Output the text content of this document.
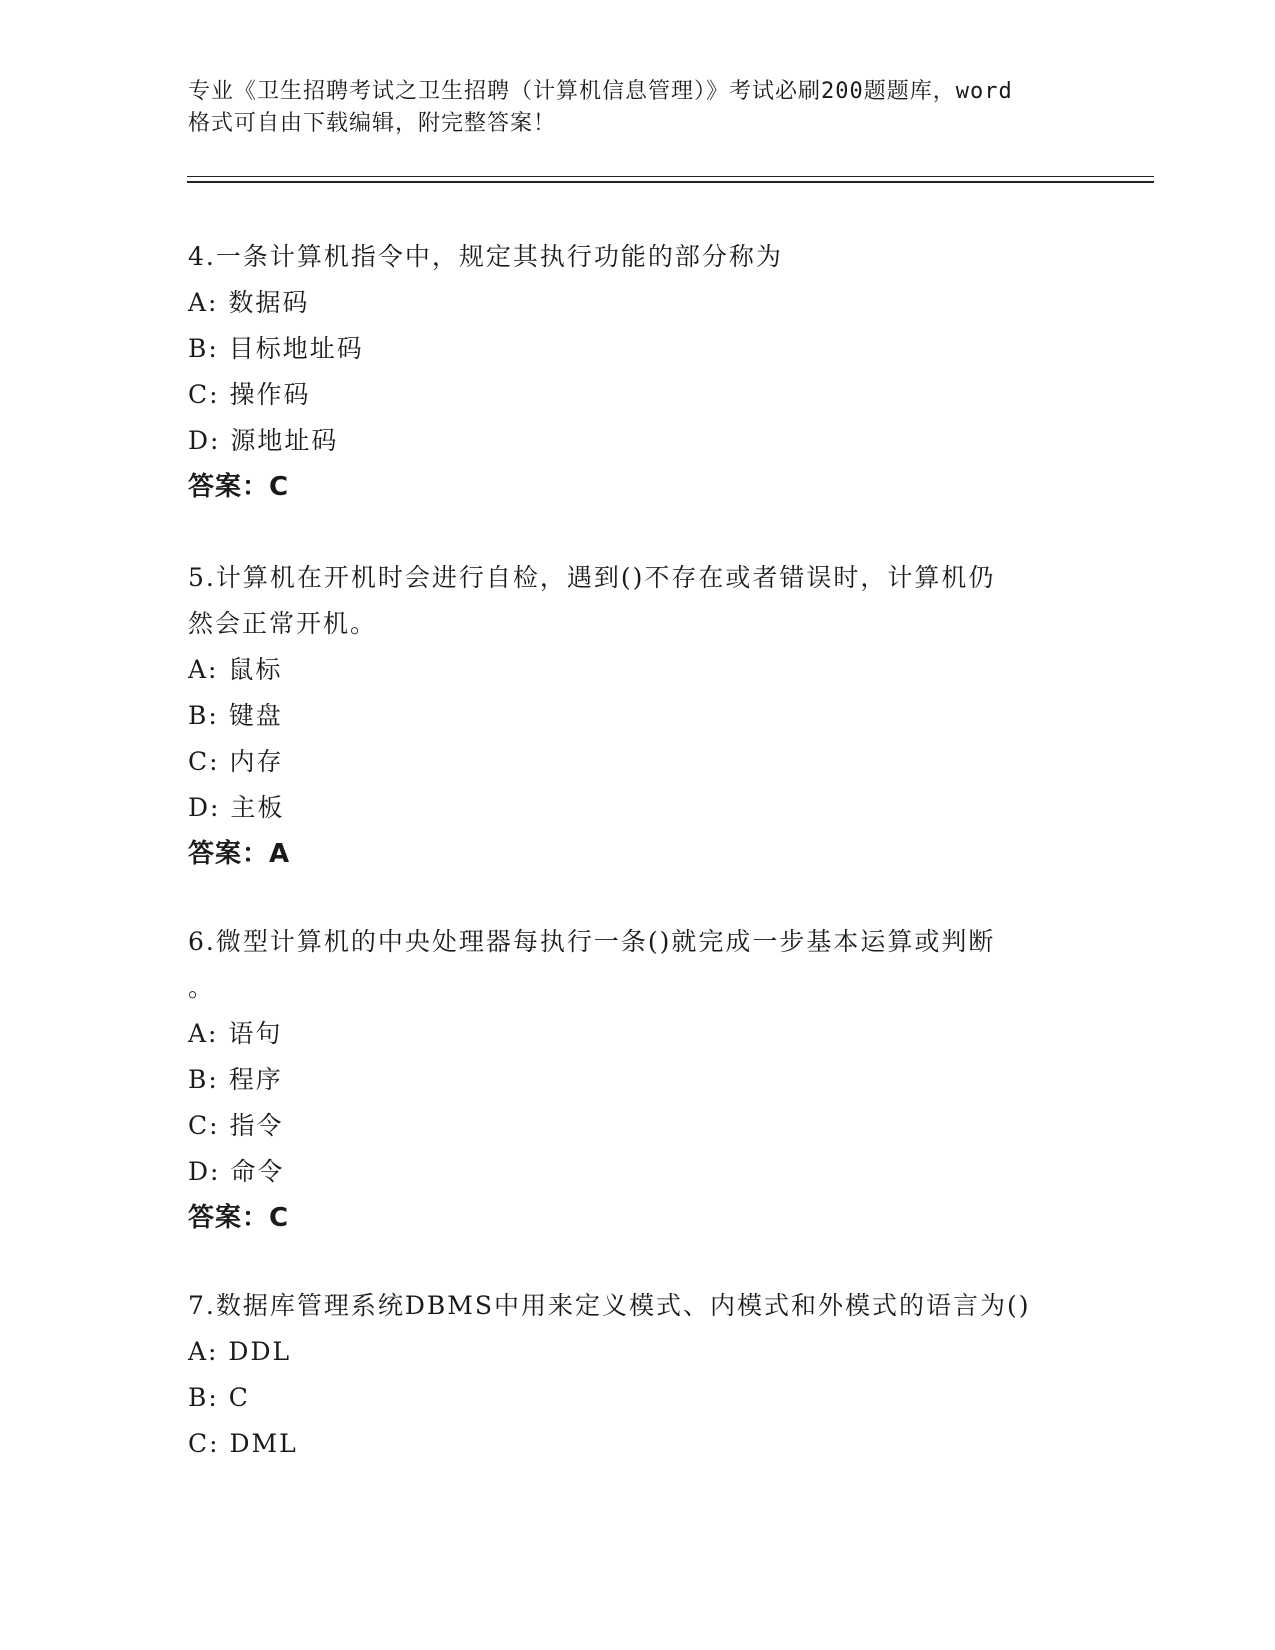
专业《卫生招聘考试之卫生招聘（计算机信息管理）》考试必刷200题题库，word
格式可自由下载编辑，附完整答案！

4.一条计算机指令中，规定其执行功能的部分称为

A: 数据码

B: 目标地址码

C: 操作码

D: 源地址码

答案：C

5.计算机在开机时会进行自检，遇到()不存在或者错误时，计算机仍

然会正常开机。

A: 鼠标

B: 键盘

C: 内存

D: 主板

答案：A

6.微型计算机的中央处理器每执行一条()就完成一步基本运算或判断

。

A: 语句

B: 程序

C: 指令

D: 命令

答案：C

7.数据库管理系统DBMS中用来定义模式、内模式和外模式的语言为()

A: DDL

B: C

C: DML
